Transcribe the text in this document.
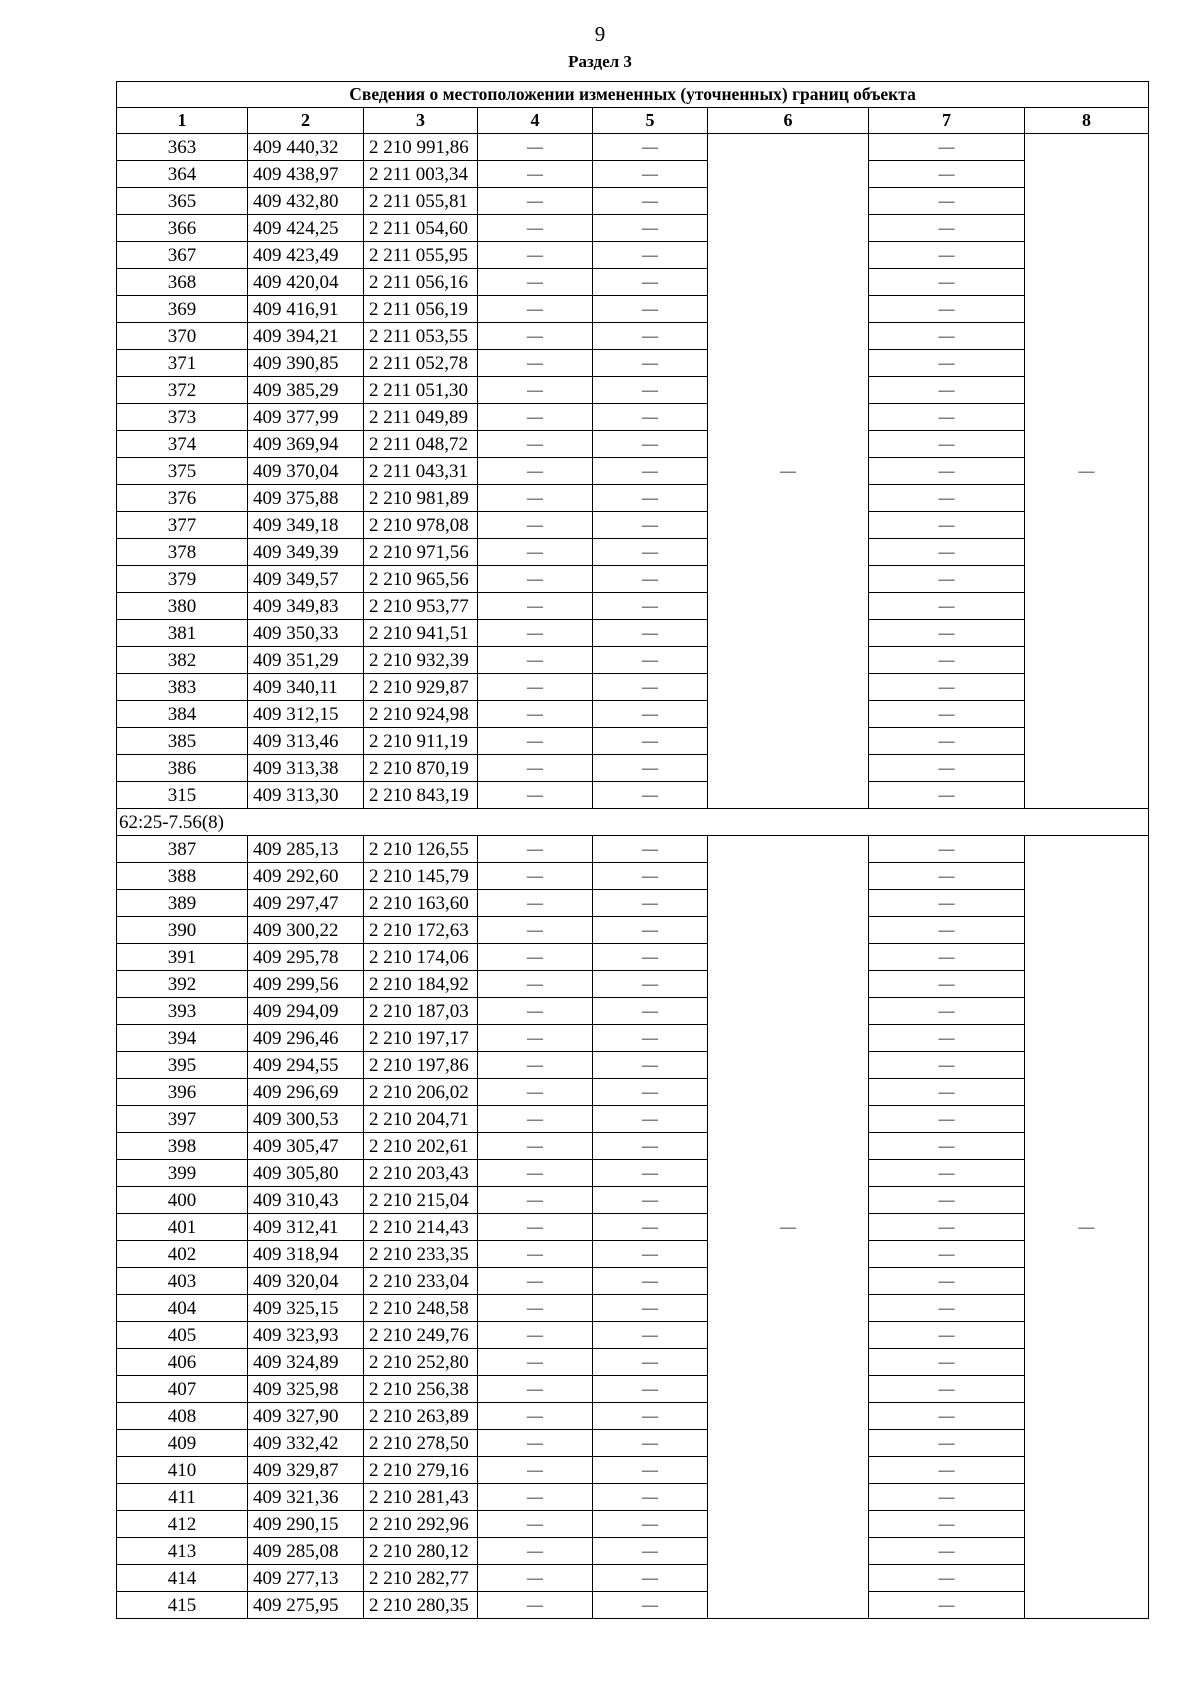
9
Раздел 3
Сведения о местоположении измененных (уточненных) границ объекта							
1	2	3	4	5	6	7	8
363	409 440,32	2 210 991,86	—	—	—	—	—
364	409 438,97	2 211 003,34	—	—		—	
365	409 432,80	2 211 055,81	—	—		—	
366	409 424,25	2 211 054,60	—	—		—	
367	409 423,49	2 211 055,95	—	—		—	
368	409 420,04	2 211 056,16	—	—		—	
369	409 416,91	2 211 056,19	—	—		—	
370	409 394,21	2 211 053,55	—	—		—	
371	409 390,85	2 211 052,78	—	—		—	
372	409 385,29	2 211 051,30	—	—		—	
373	409 377,99	2 211 049,89	—	—		—	
374	409 369,94	2 211 048,72	—	—		—	
375	409 370,04	2 211 043,31	—	—		—	
376	409 375,88	2 210 981,89	—	—		—	
377	409 349,18	2 210 978,08	—	—		—	
378	409 349,39	2 210 971,56	—	—		—	
379	409 349,57	2 210 965,56	—	—		—	
380	409 349,83	2 210 953,77	—	—		—	
381	409 350,33	2 210 941,51	—	—		—	
382	409 351,29	2 210 932,39	—	—		—	
383	409 340,11	2 210 929,87	—	—		—	
384	409 312,15	2 210 924,98	—	—		—	
385	409 313,46	2 210 911,19	—	—		—	
386	409 313,38	2 210 870,19	—	—		—	
315	409 313,30	2 210 843,19	—	—		—	
62:25-7.56(8)							
387	409 285,13	2 210 126,55	—	—	—	—	—
388	409 292,60	2 210 145,79	—	—		—	
389	409 297,47	2 210 163,60	—	—		—	
390	409 300,22	2 210 172,63	—	—		—	
391	409 295,78	2 210 174,06	—	—		—	
392	409 299,56	2 210 184,92	—	—		—	
393	409 294,09	2 210 187,03	—	—		—	
394	409 296,46	2 210 197,17	—	—		—	
395	409 294,55	2 210 197,86	—	—		—	
396	409 296,69	2 210 206,02	—	—		—	
397	409 300,53	2 210 204,71	—	—		—	
398	409 305,47	2 210 202,61	—	—		—	
399	409 305,80	2 210 203,43	—	—		—	
400	409 310,43	2 210 215,04	—	—		—	
401	409 312,41	2 210 214,43	—	—		—	
402	409 318,94	2 210 233,35	—	—		—	
403	409 320,04	2 210 233,04	—	—		—	
404	409 325,15	2 210 248,58	—	—		—	
405	409 323,93	2 210 249,76	—	—		—	
406	409 324,89	2 210 252,80	—	—		—	
407	409 325,98	2 210 256,38	—	—		—	
408	409 327,90	2 210 263,89	—	—		—	
409	409 332,42	2 210 278,50	—	—		—	
410	409 329,87	2 210 279,16	—	—		—	
411	409 321,36	2 210 281,43	—	—		—	
412	409 290,15	2 210 292,96	—	—		—	
413	409 285,08	2 210 280,12	—	—		—	
414	409 277,13	2 210 282,77	—	—		—	
415	409 275,95	2 210 280,35	—	—		—	
